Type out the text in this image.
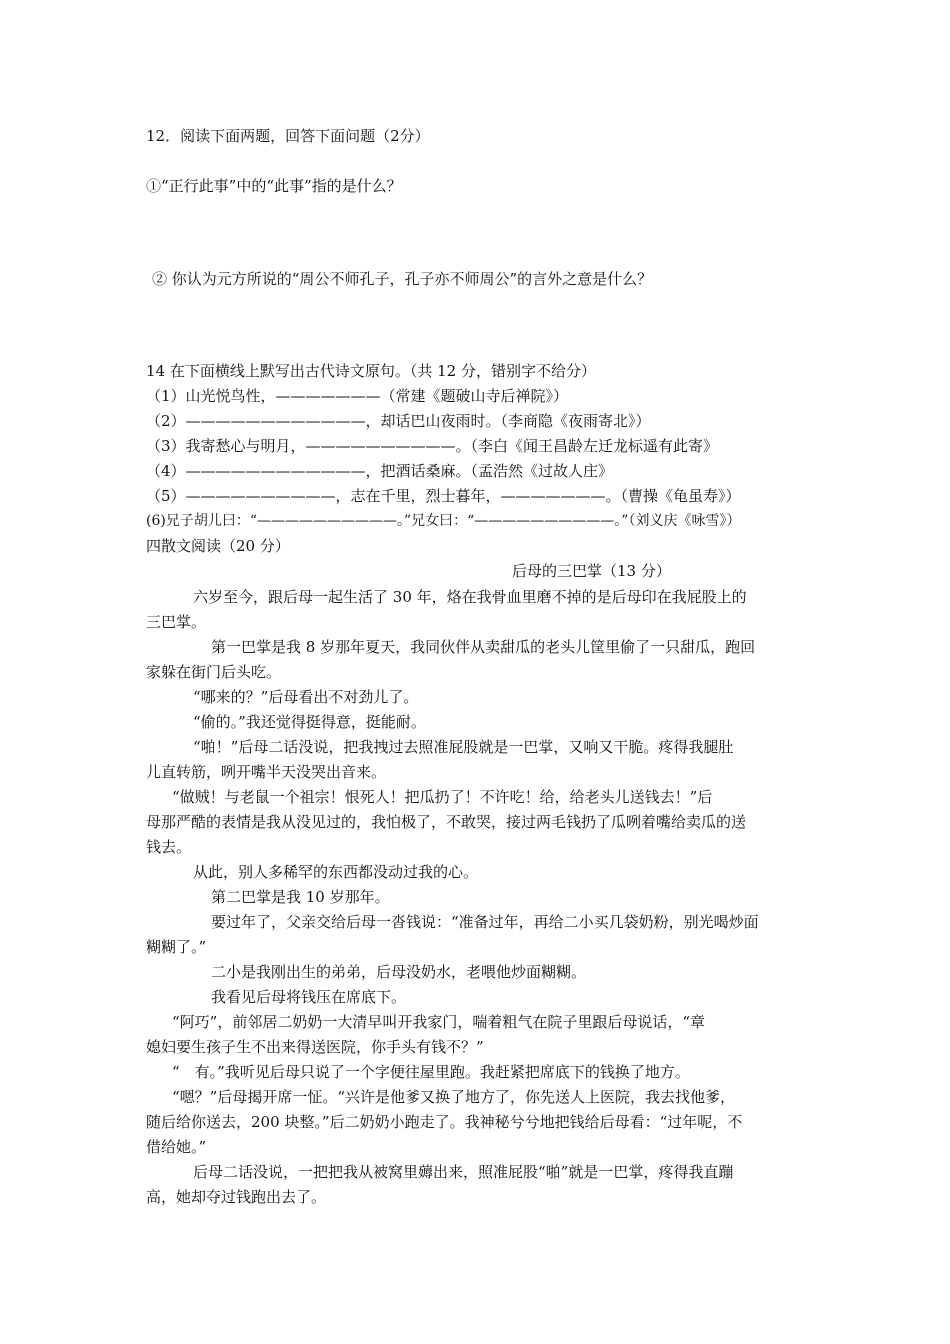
12．阅读下面两题，回答下面问题（2分）
①“正行此事”中的“此事”指的是什么？
② 你认为元方所说的“周公不师孔子，孔子亦不师周公”的言外之意是什么？
14 在下面横线上默写出古代诗文原句。（共 12 分，错别字不给分）
（1）山光悦鸟性，———————（常建《题破山寺后禅院》）
（2）————————————，却话巴山夜雨时。（李商隐《夜雨寄北》）
（3）我寄愁心与明月，——————————。（李白《闻王昌龄左迁龙标遥有此寄》
（4）————————————，把酒话桑麻。（孟浩然《过故人庄》
（5）——————————，志在千里，烈士暮年，———————。（曹操《龟虽寿》）
(6)兄子胡儿曰：“——————————。”兄女曰：“——————————。”（刘义庆《咏雪》）
四散文阅读（20 分）
后母的三巴掌（13 分）
六岁至今，跟后母一起生活了 30 年，烙在我骨血里磨不掉的是后母印在我屁股上的
三巴掌。
第一巴掌是我 8 岁那年夏天，我同伙伴从卖甜瓜的老头儿筐里偷了一只甜瓜，跑回
家躲在街门后头吃。
“哪来的？”后母看出不对劲儿了。
“偷的。”我还觉得挺得意，挺能耐。
“啪！”后母二话没说，把我拽过去照准屁股就是一巴掌，又响又干脆。疼得我腿肚
儿直转筋，咧开嘴半天没哭出音来。
“做贼！与老鼠一个祖宗！恨死人！把瓜扔了！不许吃！给，给老头儿送钱去！”后
母那严酷的表情是我从没见过的，我怕极了，不敢哭，接过两毛钱扔了瓜咧着嘴给卖瓜的送
钱去。
从此，别人多稀罕的东西都没动过我的心。
第二巴掌是我 10 岁那年。
要过年了，父亲交给后母一沓钱说：“准备过年，再给二小买几袋奶粉，别光喝炒面
糊糊了。”
二小是我刚出生的弟弟，后母没奶水，老喂他炒面糊糊。
我看见后母将钱压在席底下。
“阿巧”，前邻居二奶奶一大清早叫开我家门，喘着粗气在院子里跟后母说话，“章
媳妇要生孩子生不出来得送医院，你手头有钱不？”
“　有。”我听见后母只说了一个字便往屋里跑。我赶紧把席底下的钱换了地方。
“嗯？”后母揭开席一怔。“兴许是他爹又换了地方了，你先送人上医院，我去找他爹，
随后给你送去，200 块整。”后二奶奶小跑走了。我神秘兮兮地把钱给后母看：“过年呢，不
借给她。”
后母二话没说，一把把我从被窝里薅出来，照准屁股“啪”就是一巴掌，疼得我直蹦
高，她却夺过钱跑出去了。
